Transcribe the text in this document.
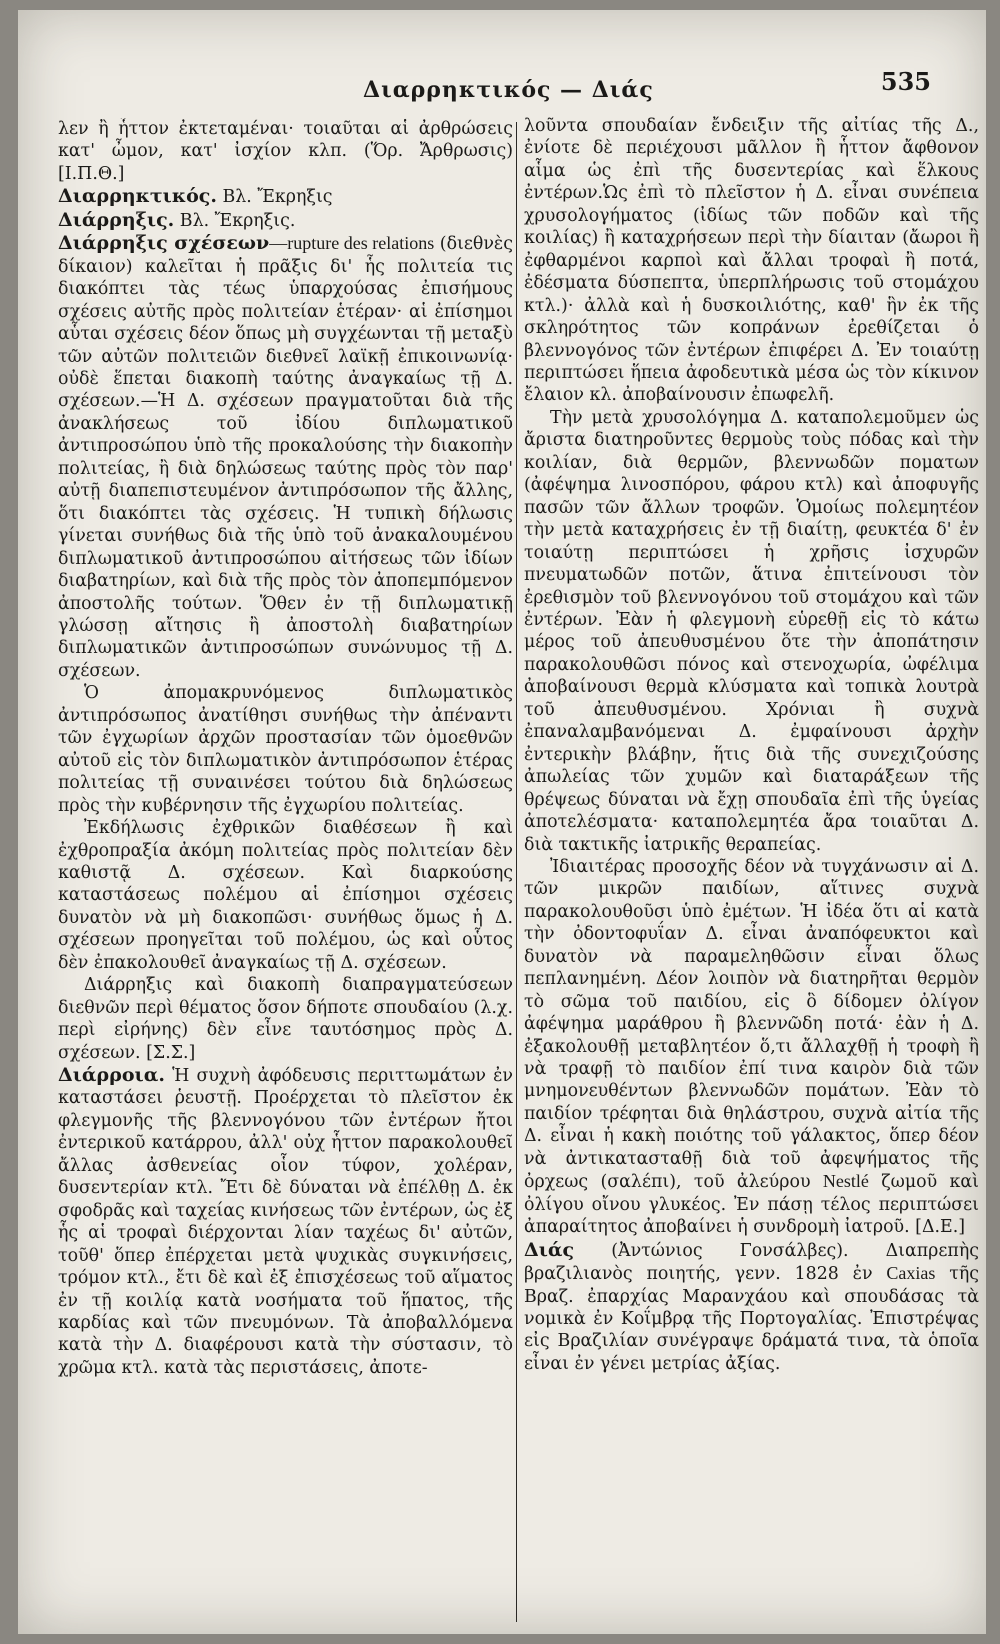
Διαρρηκτικός — Διάς	535

λεν ἢ ἧττον ἐκτεταμέναι· τοιαῦται αἱ ἀρθρώσεις κατ' ὦμον, κατ' ἰσχίον κλπ. (Ὅρ. Ἄρθρωσις) [Ι.Π.Θ.]

Διαρρηκτικός. Βλ. Ἔκρηξις

Διάρρηξις. Βλ. Ἔκρηξις.

Διάρρηξις σχέσεων—rupture des relations (διεθνὲς δίκαιον) καλεῖται ἡ πρᾶξις δι' ἧς πολιτεία τις διακόπτει τὰς τέως ὑπαρχούσας ἐπισήμους σχέσεις αὐτῆς πρὸς πολιτείαν ἑτέραν· αἱ ἐπίσημοι αὗται σχέσεις δέον ὅπως μὴ συγχέωνται τῇ μεταξὺ τῶν αὐτῶν πολιτειῶν διεθνεῖ λαϊκῇ ἐπικοινωνίᾳ· οὐδὲ ἕπεται διακοπὴ ταύτης ἀναγκαίως τῇ Δ. σχέσεων.—Ἡ Δ. σχέσεων πραγματοῦται διὰ τῆς ἀνακλήσεως τοῦ ἰδίου διπλωματικοῦ ἀντιπροσώπου ὑπὸ τῆς προκαλούσης τὴν διακοπὴν πολιτείας, ἢ διὰ δηλώσεως ταύτης πρὸς τὸν παρ' αὐτῇ διαπεπιστευμένον ἀντιπρόσωπον τῆς ἄλλης, ὅτι διακόπτει τὰς σχέσεις. Ἡ τυπικὴ δήλωσις γίνεται συνήθως διὰ τῆς ὑπὸ τοῦ ἀνακαλουμένου διπλωματικοῦ ἀντιπροσώπου αἰτήσεως τῶν ἰδίων διαβατηρίων, καὶ διὰ τῆς πρὸς τὸν ἀποπεμπόμενον ἀποστολῆς τούτων. Ὅθεν ἐν τῇ διπλωματικῇ γλώσσῃ αἴτησις ἢ ἀποστολὴ διαβατηρίων διπλωματικῶν ἀντιπροσώπων συνώνυμος τῇ Δ. σχέσεων.

Ὁ ἀπομακρυνόμενος διπλωματικὸς ἀντιπρόσωπος ἀνατίθησι συνήθως τὴν ἀπέναντι τῶν ἐγχωρίων ἀρχῶν προστασίαν τῶν ὁμοεθνῶν αὐτοῦ εἰς τὸν διπλωματικὸν ἀντιπρόσωπον ἑτέρας πολιτείας τῇ συναινέσει τούτου διὰ δηλώσεως πρὸς τὴν κυβέρνησιν τῆς ἐγχωρίου πολιτείας.

Ἐκδήλωσις ἐχθρικῶν διαθέσεων ἢ καὶ ἐχθροπραξία ἀκόμη πολιτείας πρὸς πολιτείαν δὲν καθιστᾷ Δ. σχέσεων. Καὶ διαρκούσης καταστάσεως πολέμου αἱ ἐπίσημοι σχέσεις δυνατὸν νὰ μὴ διακοπῶσι· συνήθως ὅμως ἡ Δ. σχέσεων προηγεῖται τοῦ πολέμου, ὡς καὶ οὗτος δὲν ἐπακολουθεῖ ἀναγκαίως τῇ Δ. σχέσεων.

Διάρρηξις καὶ διακοπὴ διαπραγματεύσεων διεθνῶν περὶ θέματος ὅσον δήποτε σπουδαίου (λ.χ. περὶ εἰρήνης) δὲν εἶνε ταυτόσημος πρὸς Δ. σχέσεων. [Σ.Σ.]

Διάρροια. Ἡ συχνὴ ἀφόδευσις περιττωμάτων ἐν καταστάσει ῥευστῇ. Προέρχεται τὸ πλεῖστον ἐκ φλεγμονῆς τῆς βλεννογόνου τῶν ἐντέρων ἤτοι ἐντερικοῦ κατάρρου, ἀλλ' οὐχ ἧττον παρακολουθεῖ ἄλλας ἀσθενείας οἷον τύφον, χολέραν, δυσεντερίαν κτλ. Ἔτι δὲ δύναται νὰ ἐπέλθῃ Δ. ἐκ σφοδρᾶς καὶ ταχείας κινήσεως τῶν ἐντέρων, ὡς ἐξ ἧς αἱ τροφαὶ διέρχονται λίαν ταχέως δι' αὐτῶν, τοῦθ' ὅπερ ἐπέρχεται μετὰ ψυχικὰς συγκινήσεις, τρόμον κτλ., ἔτι δὲ καὶ ἐξ ἐπισχέσεως τοῦ αἵματος ἐν τῇ κοιλίᾳ κατὰ νοσήματα τοῦ ἥπατος, τῆς καρδίας καὶ τῶν πνευμόνων. Τὰ ἀποβαλλόμενα κατὰ τὴν Δ. διαφέρουσι κατὰ τὴν σύστασιν, τὸ χρῶμα κτλ. κατὰ τὰς περιστάσεις, ἀποτε-

λοῦντα σπουδαίαν ἔνδειξιν τῆς αἰτίας τῆς Δ., ἐνίοτε δὲ περιέχουσι μᾶλλον ἢ ἧττον ἄφθονον αἷμα ὡς ἐπὶ τῆς δυσεντερίας καὶ ἕλκους ἐντέρων.Ὡς ἐπὶ τὸ πλεῖστον ἡ Δ. εἶναι συνέπεια χρυσολογήματος (ἰδίως τῶν ποδῶν καὶ τῆς κοιλίας) ἢ καταχρήσεων περὶ τὴν δίαιταν (ἄωροι ἢ ἐφθαρμένοι καρποὶ καὶ ἄλλαι τροφαὶ ἢ ποτά, ἐδέσματα δύσπεπτα, ὑπερπλήρωσις τοῦ στομάχου κτλ.)· ἀλλὰ καὶ ἡ δυσκοιλιότης, καθ' ἣν ἐκ τῆς σκληρότητος τῶν κοπράνων ἐρεθίζεται ὁ βλεννογόνος τῶν ἐντέρων ἐπιφέρει Δ. Ἐν τοιαύτῃ περιπτώσει ἥπεια ἀφοδευτικὰ μέσα ὡς τὸν κίκινον ἔλαιον κλ. ἀποβαίνουσιν ἐπωφελῆ.

Τὴν μετὰ χρυσολόγημα Δ. καταπολεμοῦμεν ὡς ἄριστα διατηροῦντες θερμοὺς τοὺς πόδας καὶ τὴν κοιλίαν, διὰ θερμῶν, βλεννωδῶν ποματων (ἀφέψημα λινοσπόρου, φάρου κτλ) καὶ ἀποφυγῆς πασῶν τῶν ἄλλων τροφῶν. Ὁμοίως πολεμητέον τὴν μετὰ καταχρήσεις ἐν τῇ διαίτῃ, φευκτέα δ' ἐν τοιαύτῃ περιπτώσει ἡ χρῆσις ἰσχυρῶν πνευματωδῶν ποτῶν, ἅτινα ἐπιτείνουσι τὸν ἐρεθισμὸν τοῦ βλεννογόνου τοῦ στομάχου καὶ τῶν ἐντέρων. Ἐὰν ἡ φλεγμονὴ εὑρεθῇ εἰς τὸ κάτω μέρος τοῦ ἀπευθυσμένου ὅτε τὴν ἀποπάτησιν παρακολουθῶσι πόνος καὶ στενοχωρία, ὠφέλιμα ἀποβαίνουσι θερμὰ κλύσματα καὶ τοπικὰ λουτρὰ τοῦ ἀπευθυσμένου. Χρόνιαι ἢ συχνὰ ἐπαναλαμβανόμεναι Δ. ἐμφαίνουσι ἀρχὴν ἐντερικὴν βλάβην, ἥτις διὰ τῆς συνεχιζούσης ἀπωλείας τῶν χυμῶν καὶ διαταράξεων τῆς θρέψεως δύναται νὰ ἔχῃ σπουδαῖα ἐπὶ τῆς ὑγείας ἀποτελέσματα· καταπολεμητέα ἄρα τοιαῦται Δ. διὰ τακτικῆς ἰατρικῆς θεραπείας.

Ἰδιαιτέρας προσοχῆς δέον νὰ τυγχάνωσιν αἱ Δ. τῶν μικρῶν παιδίων, αἵτινες συχνὰ παρακολουθοῦσι ὑπὸ ἐμέτων. Ἡ ἰδέα ὅτι αἱ κατὰ τὴν ὀδοντοφυΐαν Δ. εἶναι ἀναπόφευκτοι καὶ δυνατὸν νὰ παραμεληθῶσιν εἶναι ὅλως πεπλανημένη. Δέον λοιπὸν νὰ διατηρῆται θερμὸν τὸ σῶμα τοῦ παιδίου, εἰς ὃ δίδομεν ὀλίγον ἀφέψημα μαράθρου ἢ βλεννῶδη ποτά· ἐὰν ἡ Δ. ἐξακολουθῇ μεταβλητέον ὅ,τι ἄλλαχθῇ ἡ τροφὴ ἢ νὰ τραφῇ τὸ παιδίον ἐπί τινα καιρὸν διὰ τῶν μνημονευθέντων βλεννωδῶν πομάτων. Ἐὰν τὸ παιδίον τρέφηται διὰ θηλάστρου, συχνὰ αἰτία τῆς Δ. εἶναι ἡ κακὴ ποιότης τοῦ γάλακτος, ὅπερ δέον νὰ ἀντικατασταθῇ διὰ τοῦ ἀφεψήματος τῆς ὀρχεως (σαλέπι), τοῦ ἀλεύρου Nestlé ζωμοῦ καὶ ὀλίγου οἴνου γλυκέος. Ἐν πάσῃ τέλος περιπτώσει ἀπαραίτητος ἀποβαίνει ἡ συνδρομὴ ἰατροῦ. [Δ.Ε.]

Διάς (Ἀντώνιος Γονσάλβες). Διαπρεπὴς βραζιλιανὸς ποιητής, γενν. 1828 ἐν Caxias τῆς Βραζ. ἐπαρχίας Μαρανχάου καὶ σπουδάσας τὰ νομικὰ ἐν Κοΐμβρᾳ τῆς Πορτογαλίας. Ἐπιστρέψας εἰς Βραζιλίαν συνέγραψε δράματά τινα, τὰ ὁποῖα εἶναι ἐν γένει μετρίας ἀξίας.
